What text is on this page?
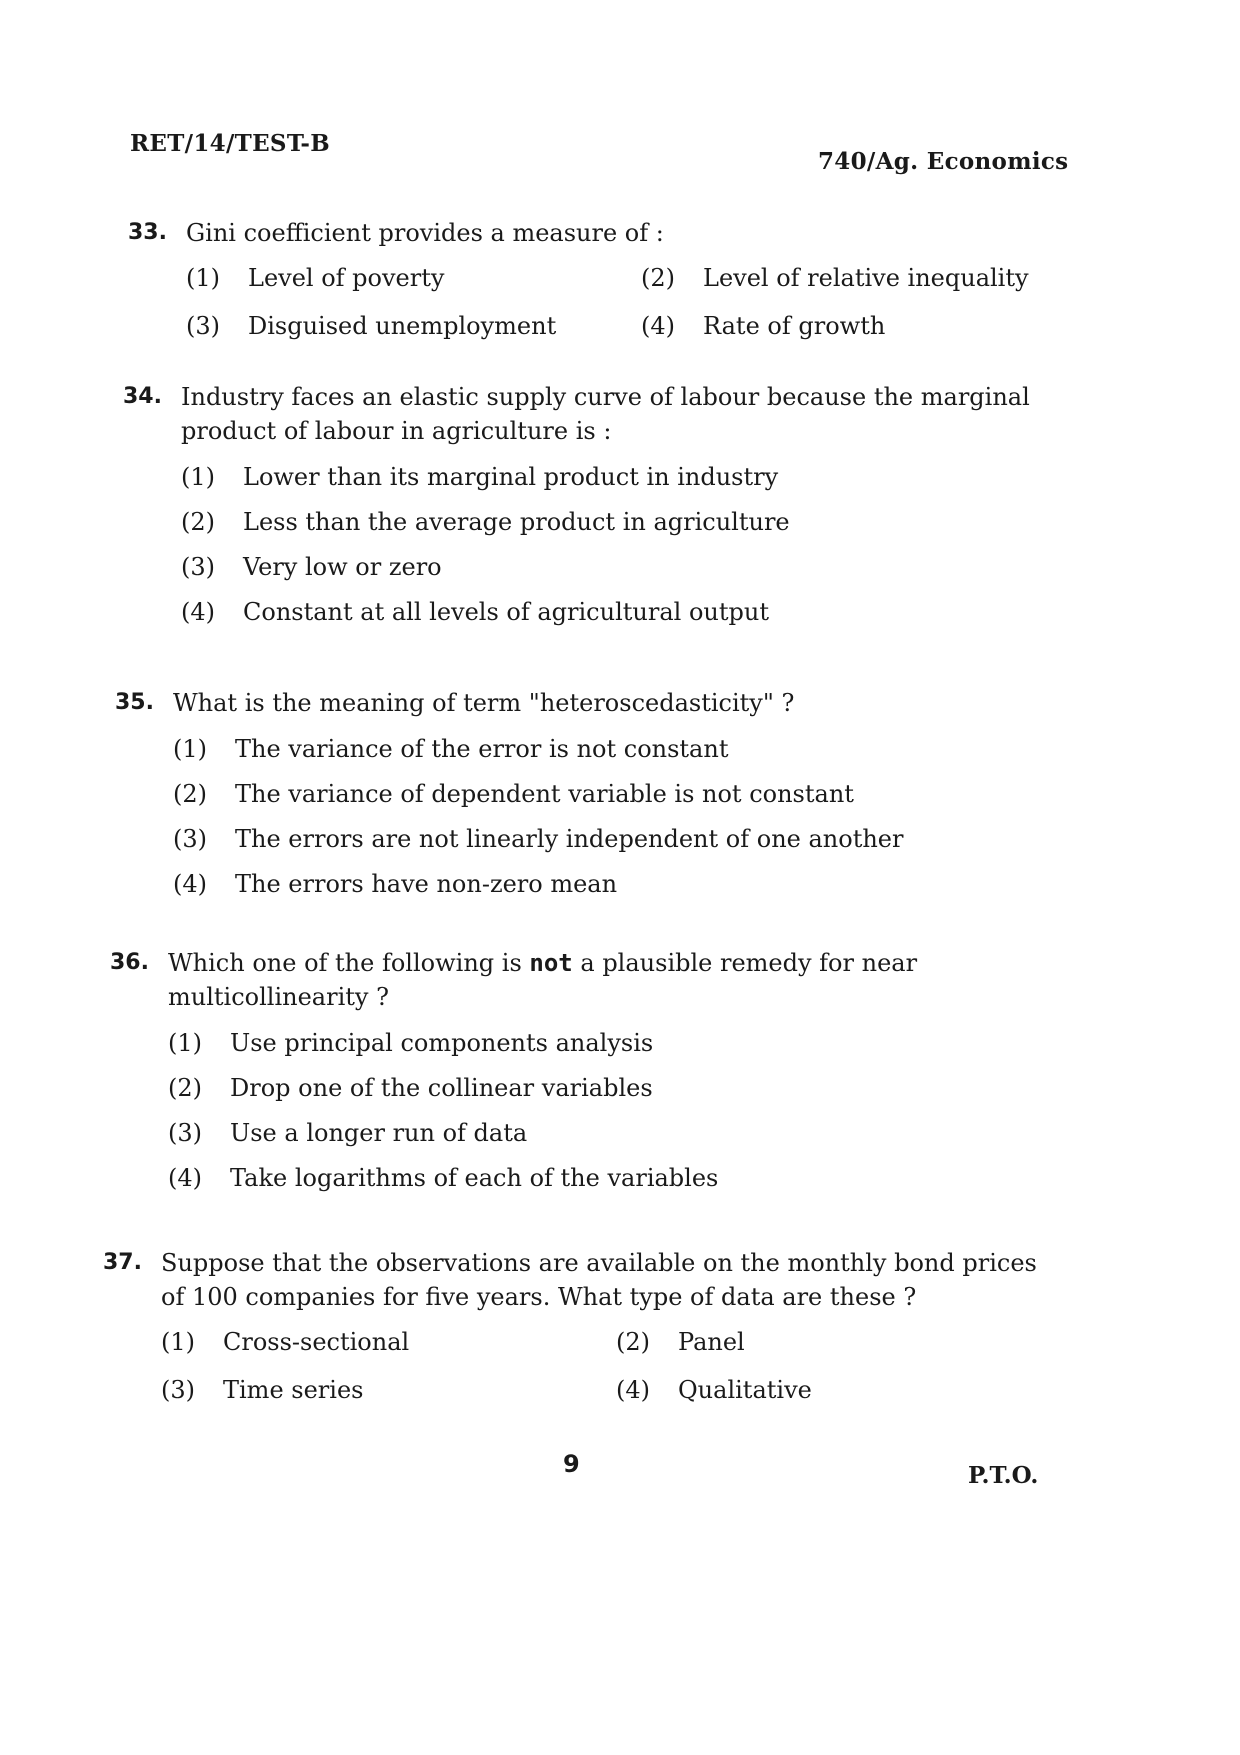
RET/14/TEST-B
740/Ag. Economics
33. Gini coefficient provides a measure of :
(1)	Level of poverty	(2)	Level of relative inequality
(3)	Disguised unemployment	(4)	Rate of growth
34. Industry faces an elastic supply curve of labour because the marginal product of labour in agriculture is :
(1)	Lower than its marginal product in industry
(2)	Less than the average product in agriculture
(3)	Very low or zero
(4)	Constant at all levels of agricultural output
35. What is the meaning of term "heteroscedasticity" ?
(1)	The variance of the error is not constant
(2)	The variance of dependent variable is not constant
(3)	The errors are not linearly independent of one another
(4)	The errors have non-zero mean
36. Which one of the following is not a plausible remedy for near multicollinearity ?
(1)	Use principal components analysis
(2)	Drop one of the collinear variables
(3)	Use a longer run of data
(4)	Take logarithms of each of the variables
37. Suppose that the observations are available on the monthly bond prices of 100 companies for five years. What type of data are these ?
(1)	Cross-sectional	(2)	Panel
(3)	Time series	(4)	Qualitative
9	P.T.O.
